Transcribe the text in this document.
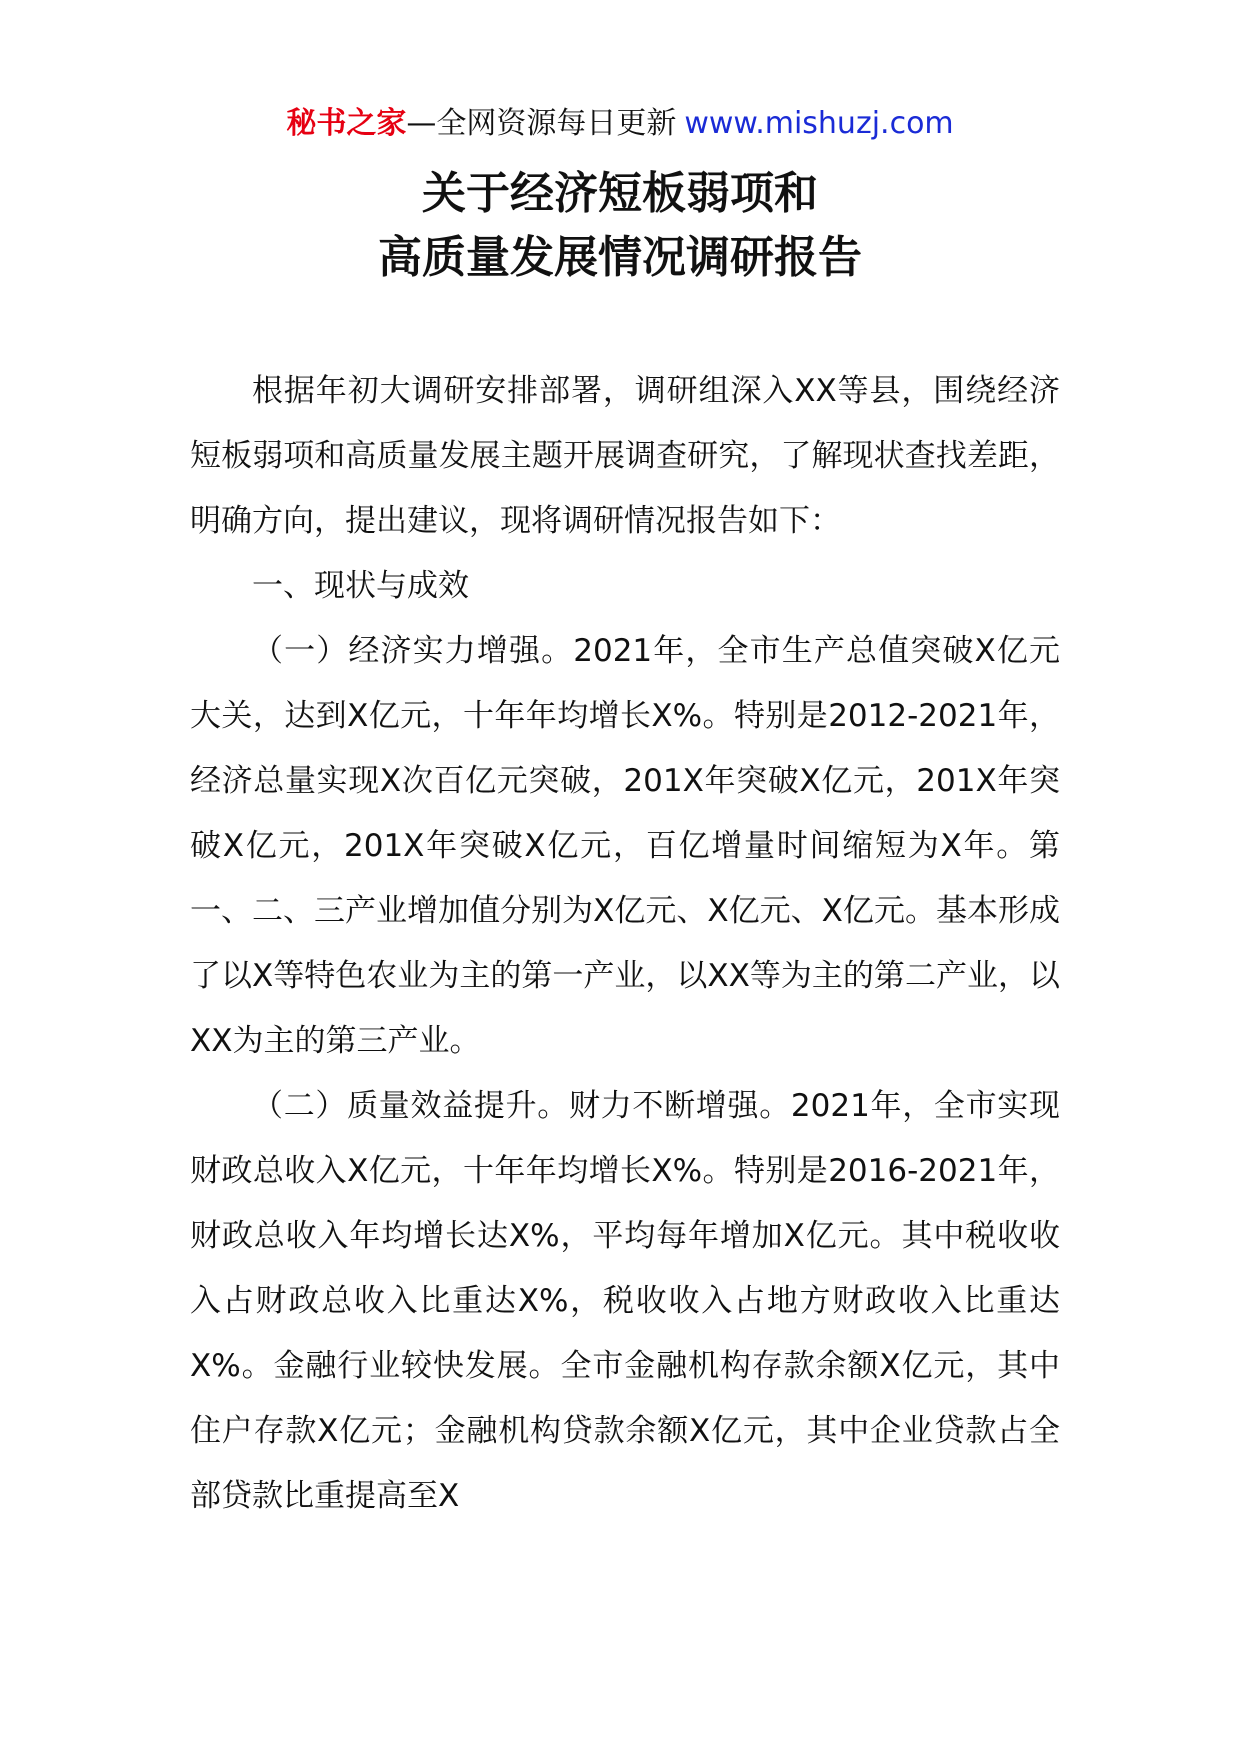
秘书之家—全网资源每日更新 www.mishuzj.com
关于经济短板弱项和
高质量发展情况调研报告

根据年初大调研安排部署，调研组深入XX等县，围绕经济短板弱项和高质量发展主题开展调查研究，了解现状查找差距，明确方向，提出建议，现将调研情况报告如下：

一、现状与成效

（一）经济实力增强。2021年，全市生产总值突破X亿元大关，达到X亿元，十年年均增长X%。特别是2012-2021年，经济总量实现X次百亿元突破，201X年突破X亿元，201X年突破X亿元，201X年突破X亿元，百亿增量时间缩短为X年。第一、二、三产业增加值分别为X亿元、X亿元、X亿元。基本形成了以X等特色农业为主的第一产业，以XX等为主的第二产业，以XX为主的第三产业。

（二）质量效益提升。财力不断增强。2021年，全市实现财政总收入X亿元，十年年均增长X%。特别是2016-2021年，财政总收入年均增长达X%，平均每年增加X亿元。其中税收收入占财政总收入比重达X%，税收收入占地方财政收入比重达X%。金融行业较快发展。全市金融机构存款余额X亿元，其中住户存款X亿元；金融机构贷款余额X亿元，其中企业贷款占全部贷款比重提高至X
